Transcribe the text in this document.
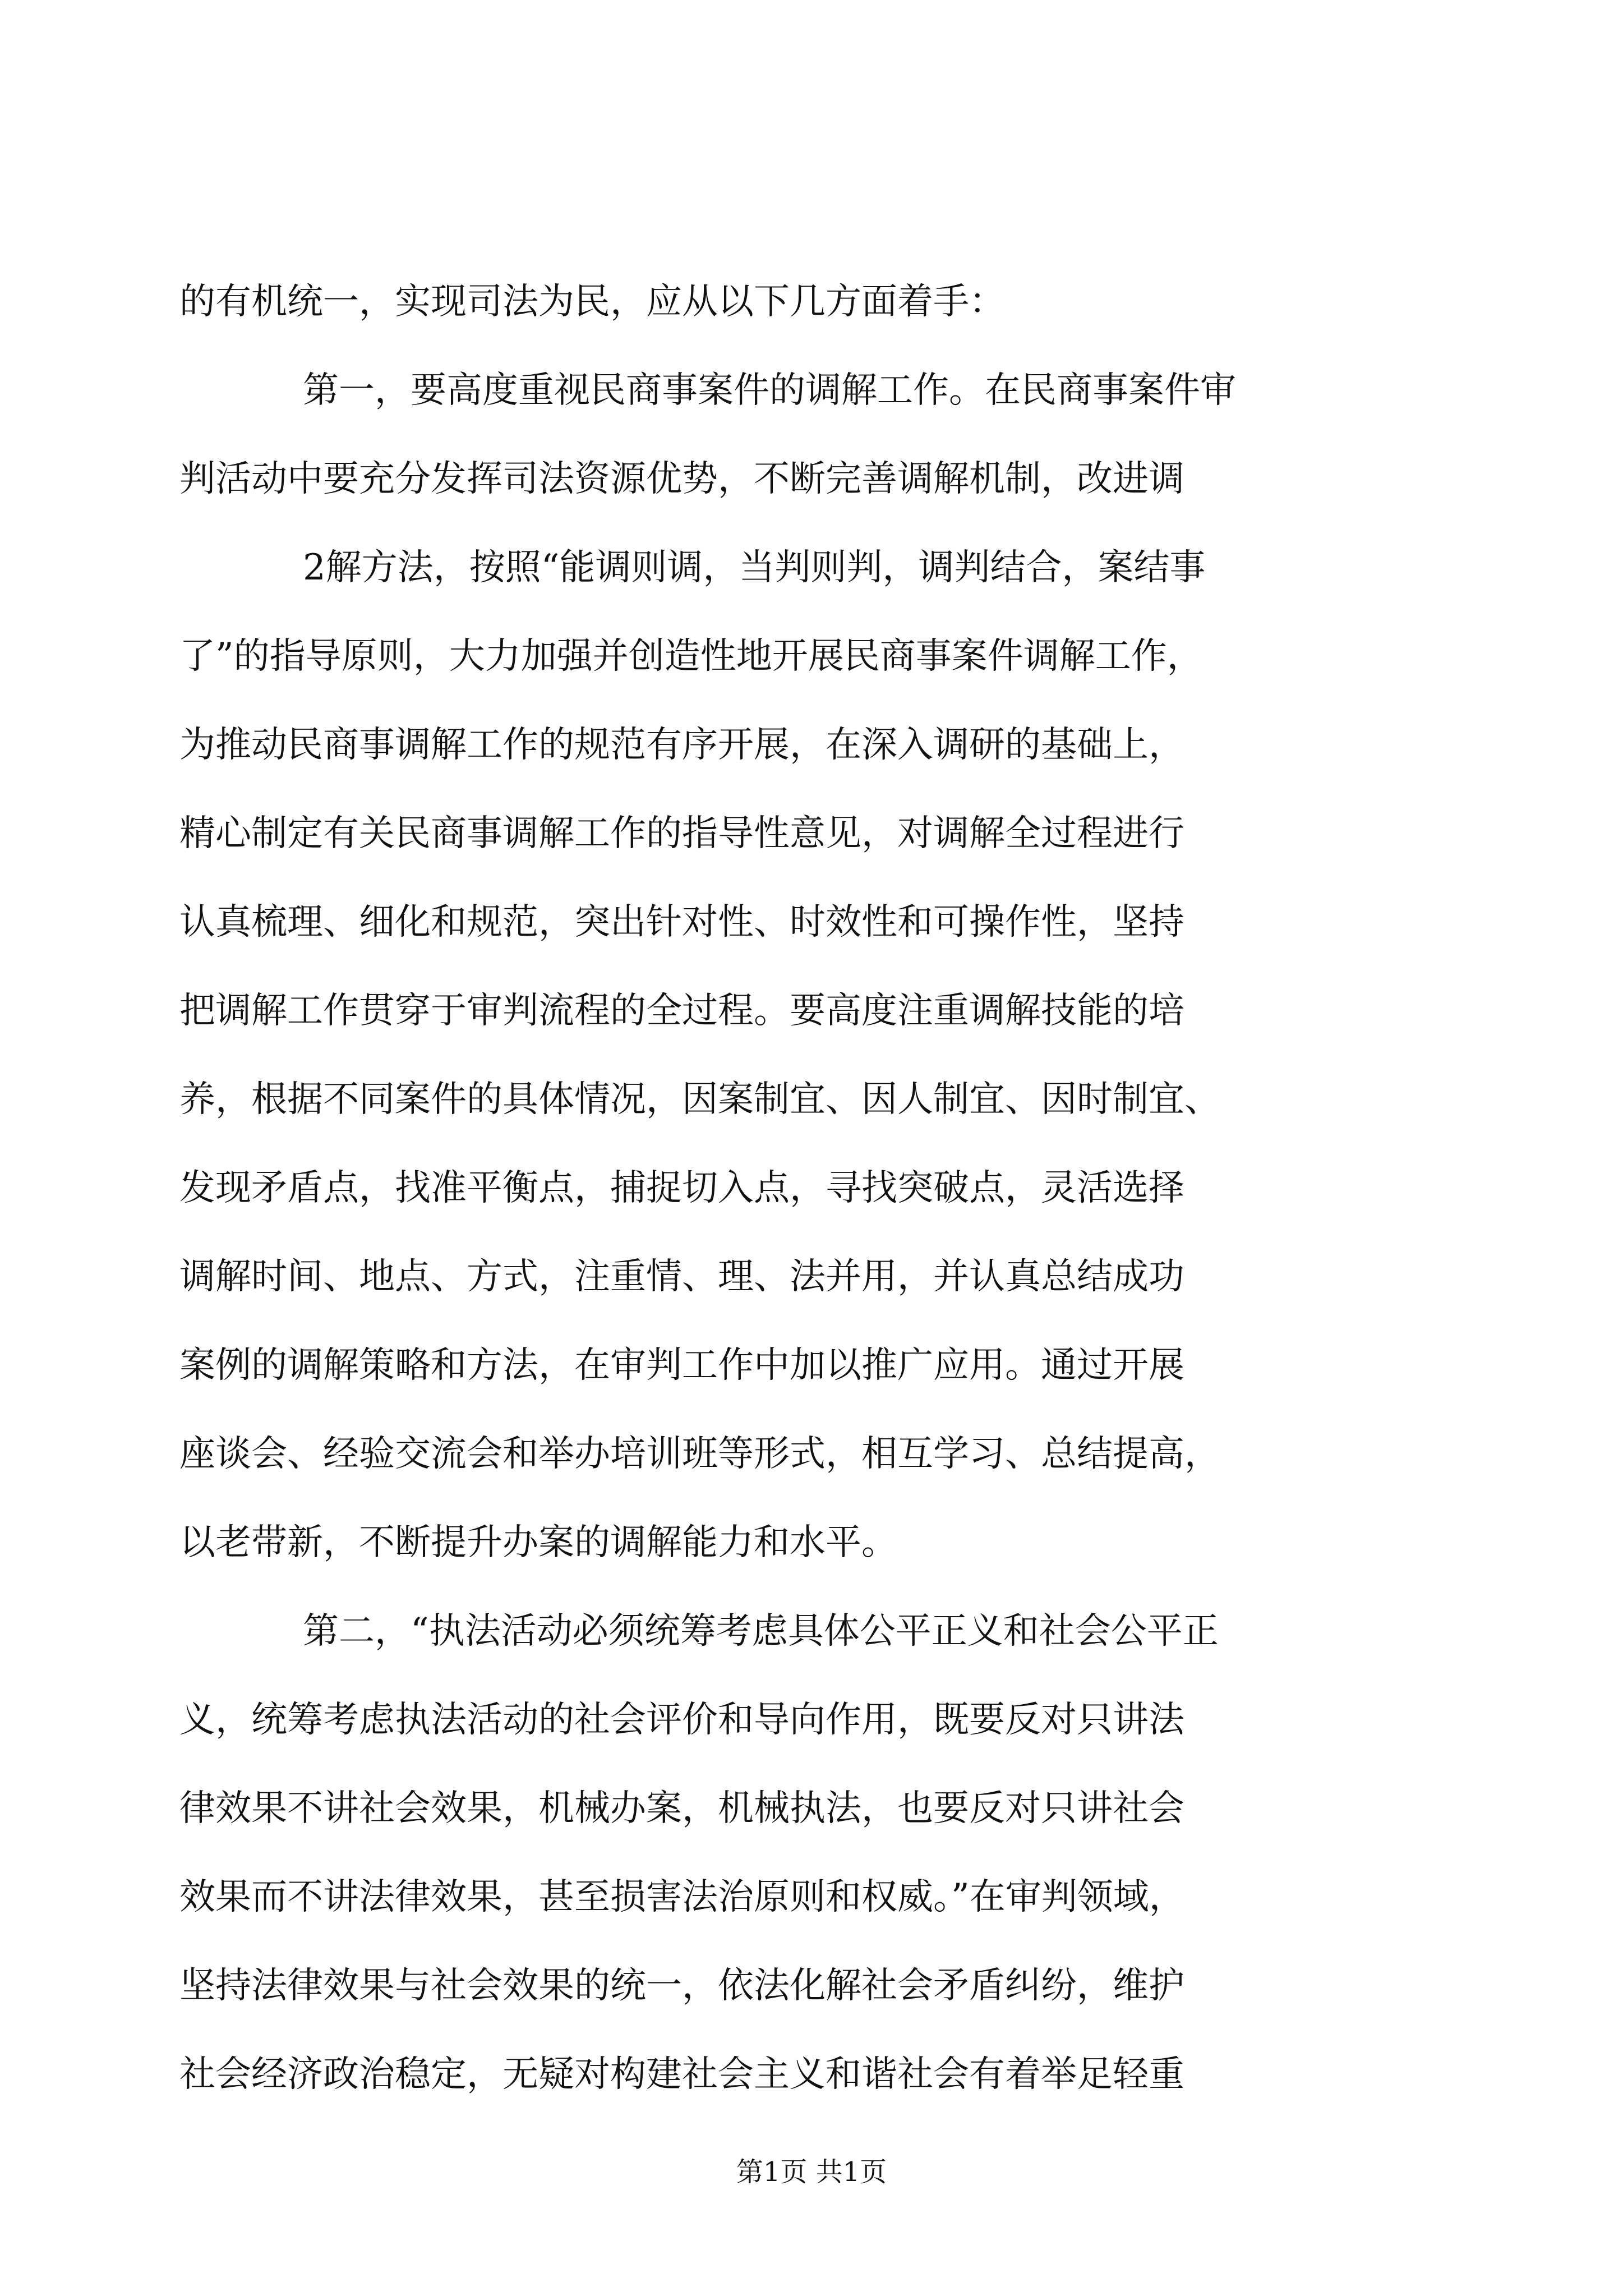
的有机统一，实现司法为民，应从以下几方面着手：
第一，要高度重视民商事案件的调解工作。在民商事案件审
判活动中要充分发挥司法资源优势，不断完善调解机制，改进调
2解方法，按照“能调则调，当判则判，调判结合，案结事
了”的指导原则，大力加强并创造性地开展民商事案件调解工作，
为推动民商事调解工作的规范有序开展，在深入调研的基础上，
精心制定有关民商事调解工作的指导性意见，对调解全过程进行
认真梳理、细化和规范，突出针对性、时效性和可操作性，坚持
把调解工作贯穿于审判流程的全过程。要高度注重调解技能的培
养，根据不同案件的具体情况，因案制宜、因人制宜、因时制宜、
发现矛盾点，找准平衡点，捕捉切入点，寻找突破点，灵活选择
调解时间、地点、方式，注重情、理、法并用，并认真总结成功
案例的调解策略和方法，在审判工作中加以推广应用。通过开展
座谈会、经验交流会和举办培训班等形式，相互学习、总结提高，
以老带新，不断提升办案的调解能力和水平。
第二，“执法活动必须统筹考虑具体公平正义和社会公平正
义，统筹考虑执法活动的社会评价和导向作用，既要反对只讲法
律效果不讲社会效果，机械办案，机械执法，也要反对只讲社会
效果而不讲法律效果，甚至损害法治原则和权威。”在审判领域，
坚持法律效果与社会效果的统一，依法化解社会矛盾纠纷，维护
社会经济政治稳定，无疑对构建社会主义和谐社会有着举足轻重
第1页 共1页
